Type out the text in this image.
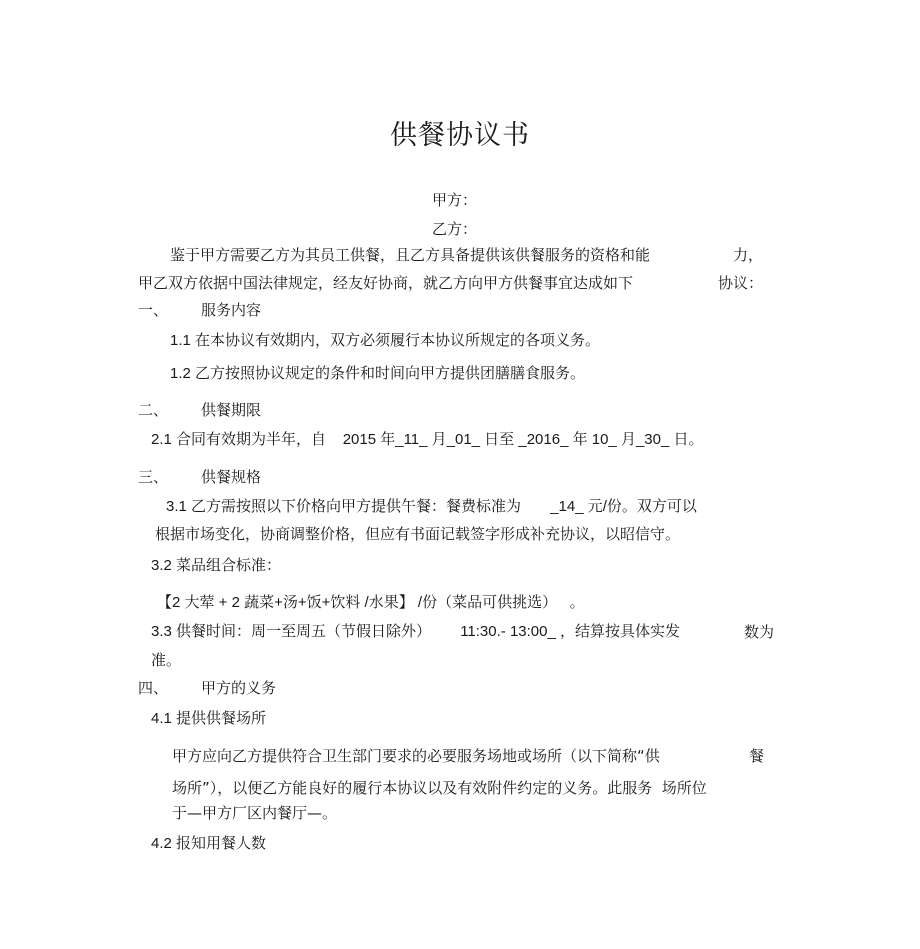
供餐协议书
甲方：
乙方：
鉴于甲方需要乙方为其员工供餐，且乙方具备提供该供餐服务的资格和能	力，
甲乙双方依据中国法律规定，经友好协商，就乙方向甲方供餐事宜达成如下	协议：
一、 服务内容
1.1 在本协议有效期内，双方必须履行本协议所规定的各项义务。
1.2 乙方按照协议规定的条件和时间向甲方提供团膳膳食服务。
二、 供餐期限
2.1 合同有效期为半年，自    2015 年_11_ 月_01_ 日至 _2016_ 年 10_ 月_30_ 日。
三、 供餐规格
3.1 乙方需按照以下价格向甲方提供午餐：餐费标准为       _14_ 元/份。双方可以
根据市场变化，协商调整价格，但应有书面记载签字形成补充协议，以昭信守。
3.2 菜品组合标准：
【2 大荤 + 2 蔬菜+汤+饭+饮料 /水果】 /份（菜品可供挑选）   。
3.3 供餐时间：周一至周五（节假日除外）       11:30.- 13:00_ ，结算按具体实发	数为
准。
四、 甲方的义务
4.1 提供供餐场所
甲方应向乙方提供符合卫生部门要求的必要服务场地或场所（以下简称“供	餐
场所”），以便乙方能良好的履行本协议以及有效附件约定的义务。此服务  场所位
于—甲方厂区内餐厅—。
4.2 报知用餐人数
